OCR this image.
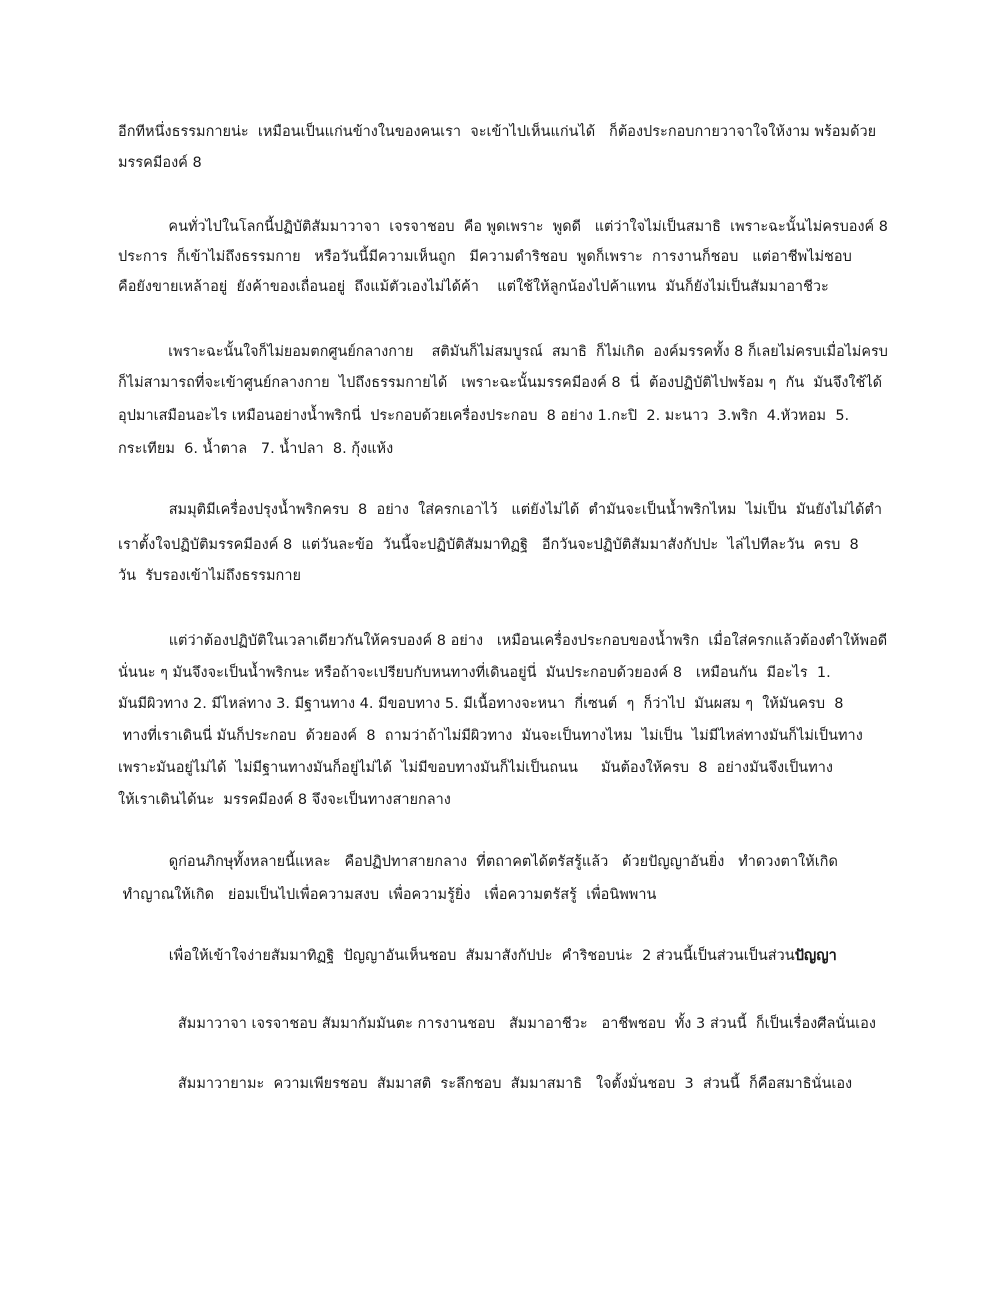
อีกทีหนึ่งธรรมกายน่ะ  เหมือนเป็นแก่นข้างในของคนเรา  จะเข้าไปเห็นแก่นได้   ก็ต้องประกอบกายวาจาใจให้งาม พร้อมด้วย
มรรคมีองค์ 8
คนทั่วไปในโลกนี้ปฏิบัติสัมมาวาจา  เจรจาชอบ  คือ พูดเพราะ  พูดดี   แต่ว่าใจไม่เป็นสมาธิ  เพราะฉะนั้นไม่ครบองค์ 8
ประการ  ก็เข้าไม่ถึงธรรมกาย   หรือวันนี้มีความเห็นถูก   มีความดำริชอบ  พูดก็เพราะ  การงานก็ชอบ   แต่อาชีพไม่ชอบ
คือยังขายเหล้าอยู่  ยังค้าของเถื่อนอยู่  ถึงแม้ตัวเองไม่ได้ค้า    แต่ใช้ให้ลูกน้องไปค้าแทน  มันก็ยังไม่เป็นสัมมาอาชีวะ
เพราะฉะนั้นใจก็ไม่ยอมตกศูนย์กลางกาย    สติมันก็ไม่สมบูรณ์  สมาธิ  ก็ไม่เกิด  องค์มรรคทั้ง 8 ก็เลยไม่ครบเมื่อไม่ครบ
ก็ไม่สามารถที่จะเข้าศูนย์กลางกาย  ไปถึงธรรมกายได้   เพราะฉะนั้นมรรคมีองค์ 8  นี่  ต้องปฏิบัติไปพร้อม ๆ  กัน  มันจึงใช้ได้
อุปมาเสมือนอะไร เหมือนอย่างน้ำพริกนี่  ประกอบด้วยเครื่องประกอบ  8 อย่าง 1.กะปิ  2. มะนาว  3.พริก  4.หัวหอม  5.
กระเทียม  6. น้ำตาล   7. น้ำปลา  8. กุ้งแห้ง
สมมุติมีเครื่องปรุงน้ำพริกครบ  8  อย่าง  ใส่ครกเอาไว้   แต่ยังไม่ได้  ตำมันจะเป็นน้ำพริกไหม  ไม่เป็น  มันยังไม่ได้ตำ
เราตั้งใจปฏิบัติมรรคมีองค์ 8  แต่วันละข้อ  วันนี้จะปฏิบัติสัมมาทิฏฐิ   อีกวันจะปฏิบัติสัมมาสังกัปปะ  ไล่ไปทีละวัน  ครบ  8
วัน  รับรองเข้าไม่ถึงธรรมกาย
แต่ว่าต้องปฏิบัติในเวลาเดียวกันให้ครบองค์ 8 อย่าง   เหมือนเครื่องประกอบของน้ำพริก  เมื่อใส่ครกแล้วต้องตำให้พอดี
นั่นนะ ๆ มันจึงจะเป็นน้ำพริกนะ หรือถ้าจะเปรียบกับหนทางที่เดินอยู่นี่  มันประกอบด้วยองค์ 8   เหมือนกัน  มีอะไร  1.
มันมีผิวทาง 2. มีไหล่ทาง 3. มีฐานทาง 4. มีขอบทาง 5. มีเนื้อทางจะหนา  กี่เซนต์  ๆ  ก็ว่าไป  มันผสม ๆ  ให้มันครบ  8
ทางที่เราเดินนี่ มันก็ประกอบ  ด้วยองค์  8  ถามว่าถ้าไม่มีผิวทาง  มันจะเป็นทางไหม  ไม่เป็น  ไม่มีไหล่ทางมันก็ไม่เป็นทาง
เพราะมันอยู่ไม่ได้  ไม่มีฐานทางมันก็อยู่ไม่ได้  ไม่มีขอบทางมันก็ไม่เป็นถนน     มันต้องให้ครบ  8  อย่างมันจึงเป็นทาง
ให้เราเดินได้นะ  มรรคมีองค์ 8 จึงจะเป็นทางสายกลาง
ดูก่อนภิกษุทั้งหลายนี้แหละ   คือปฏิปทาสายกลาง  ที่ตถาคตได้ตรัสรู้แล้ว   ด้วยปัญญาอันยิ่ง   ทำดวงตาให้เกิด
ทำญาณให้เกิด   ย่อมเป็นไปเพื่อความสงบ  เพื่อความรู้ยิ่ง   เพื่อความตรัสรู้  เพื่อนิพพาน
เพื่อให้เข้าใจง่ายสัมมาทิฏฐิ  ปัญญาอันเห็นชอบ  สัมมาสังกัปปะ  คำริชอบน่ะ  2 ส่วนนี้เป็นส่วนเป็นส่วนปัญญา
สัมมาวาจา เจรจาชอบ สัมมากัมมันตะ การงานชอบ   สัมมาอาชีวะ   อาชีพชอบ  ทั้ง 3 ส่วนนี้  ก็เป็นเรื่องศีลนั่นเอง
สัมมาวายามะ  ความเพียรชอบ  สัมมาสติ  ระลึกชอบ  สัมมาสมาธิ   ใจตั้งมั่นชอบ  3  ส่วนนี้  ก็คือสมาธินั่นเอง
